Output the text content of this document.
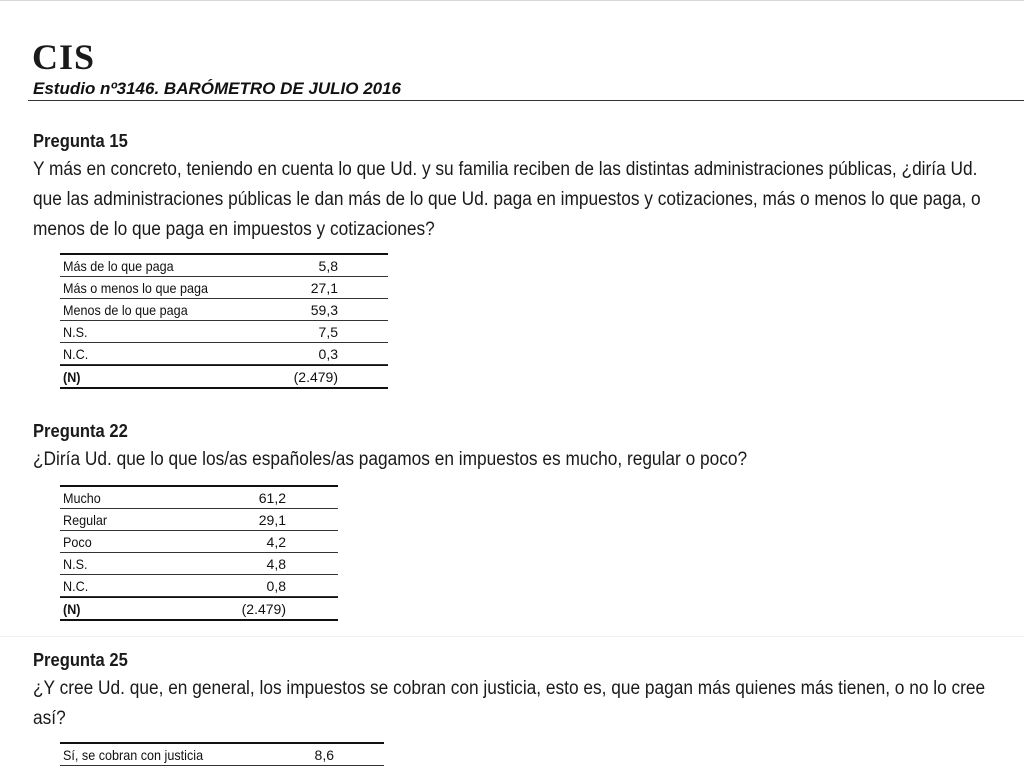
CIS
Estudio nº3146. BARÓMETRO DE JULIO 2016
Pregunta 15
Y más en concreto, teniendo en cuenta lo que Ud. y su familia reciben de las distintas administraciones públicas, ¿diría Ud. que las administraciones públicas le dan más de lo que Ud. paga en impuestos y cotizaciones, más o menos lo que paga, o menos de lo que paga en impuestos y cotizaciones?
Más de lo que paga	5,8
Más o menos lo que paga	27,1
Menos de lo que paga	59,3
N.S.	7,5
N.C.	0,3
(N)	(2.479)
Pregunta 22
¿Diría Ud. que lo que los/as españoles/as pagamos en impuestos es mucho, regular o poco?
Mucho	61,2
Regular	29,1
Poco	4,2
N.S.	4,8
N.C.	0,8
(N)	(2.479)
Pregunta 25
¿Y cree Ud. que, en general, los impuestos se cobran con justicia, esto es, que pagan más quienes más tienen, o no lo cree así?
Sí, se cobran con justicia	8,6
